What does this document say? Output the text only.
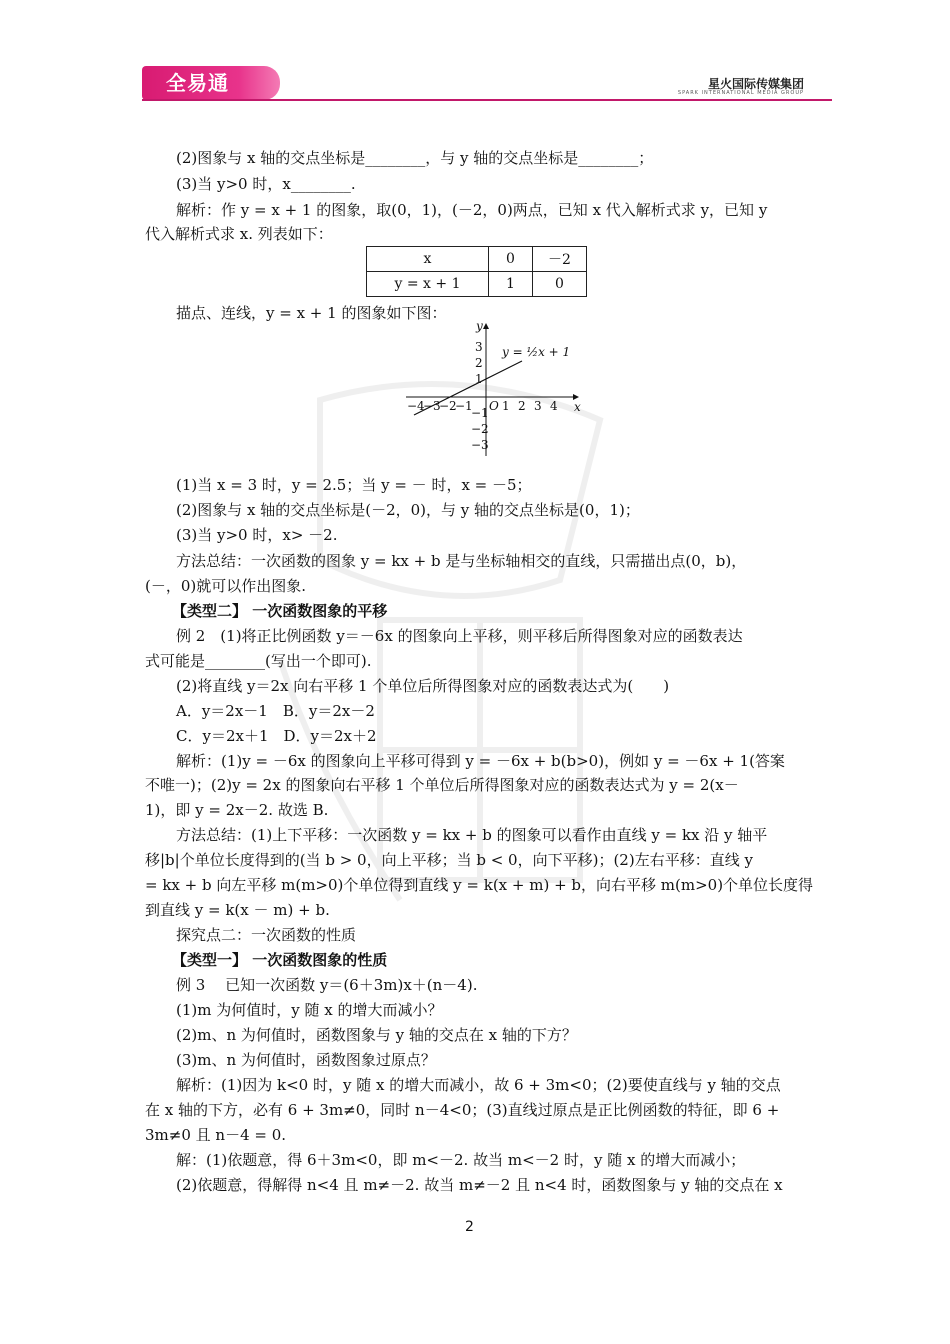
全易通	星火国际传媒集团
SPARK INTERNATIONAL MEDIA GROUP
(2)图象与 x 轴的交点坐标是________，与 y 轴的交点坐标是________；
(3)当 y>0 时，x________.
解析：作 y = x + 1 的图象，取(0，1)，(－2，0)两点，已知 x 代入解析式求 y，已知 y
代入解析式求 x. 列表如下：
x	0	－2
y = x + 1	1	0
描点、连线，y = x + 1 的图象如下图：
x
y
O
−4
−3
−2
−1 1 2 3 4
3
2
1
−1
−2
−3
y = ½x + 1
(1)当 x = 3 时，y = 2.5；当 y = － 时，x = －5；
(2)图象与 x 轴的交点坐标是(－2，0)，与 y 轴的交点坐标是(0，1)；
(3)当 y>0 时，x> －2.
方法总结：一次函数的图象 y = kx + b 是与坐标轴相交的直线，只需描出点(0，b)，
(－，0)就可以作出图象.
【类型二】 一次函数图象的平移
例 2　(1)将正比例函数 y＝－6x 的图象向上平移，则平移后所得图象对应的函数表达
式可能是________(写出一个即可).
(2)将直线 y＝2x 向右平移 1 个单位后所得图象对应的函数表达式为(　　)
A．y＝2x－1　B．y＝2x－2
C．y＝2x＋1　D．y＝2x＋2
解析：(1)y = －6x 的图象向上平移可得到 y = －6x + b(b>0)，例如 y = －6x + 1(答案
不唯一)；(2)y = 2x 的图象向右平移 1 个单位后所得图象对应的函数表达式为 y = 2(x－
1)，即 y = 2x－2. 故选 B.
方法总结：(1)上下平移：一次函数 y = kx + b 的图象可以看作由直线 y = kx 沿 y 轴平
移|b|个单位长度得到的(当 b > 0，向上平移；当 b < 0，向下平移)；(2)左右平移：直线 y
= kx + b 向左平移 m(m>0)个单位得到直线 y = k(x + m) + b，向右平移 m(m>0)个单位长度得
到直线 y = k(x － m) + b.
探究点二：一次函数的性质
【类型一】 一次函数图象的性质
例 3　 已知一次函数 y＝(6＋3m)x＋(n－4).
(1)m 为何值时，y 随 x 的增大而减小？
(2)m、n 为何值时，函数图象与 y 轴的交点在 x 轴的下方？
(3)m、n 为何值时，函数图象过原点？
解析：(1)因为 k<0 时，y 随 x 的增大而减小，故 6 + 3m<0；(2)要使直线与 y 轴的交点
在 x 轴的下方，必有 6 + 3m≠0，同时 n－4<0；(3)直线过原点是正比例函数的特征，即 6 +
3m≠0 且 n－4 = 0.
解：(1)依题意，得 6＋3m<0，即 m<－2. 故当 m<－2 时，y 随 x 的增大而减小；
(2)依题意，得解得 n<4 且 m≠－2. 故当 m≠－2 且 n<4 时，函数图象与 y 轴的交点在 x
2
